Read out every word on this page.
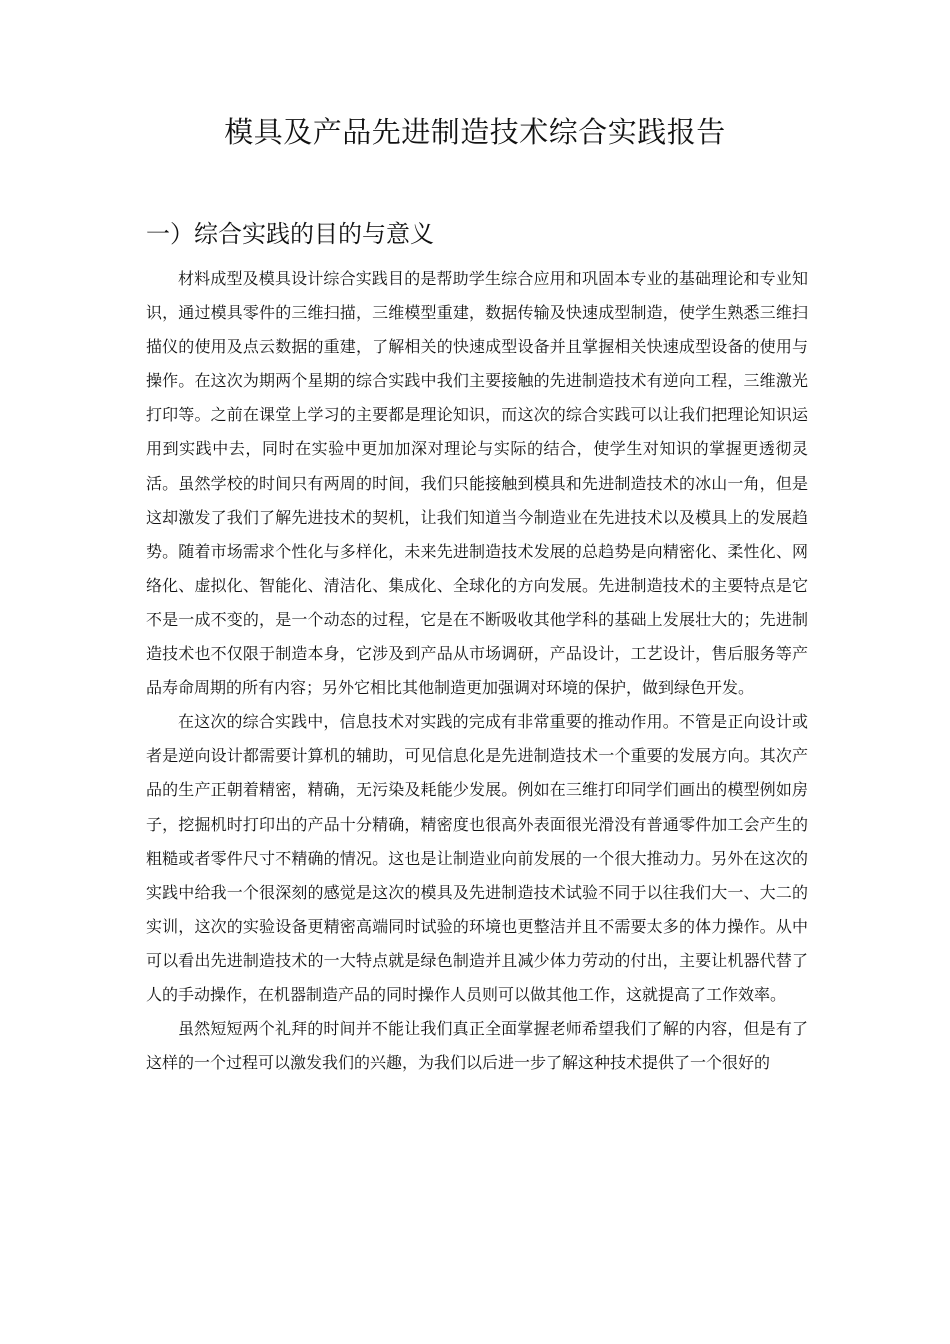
模具及产品先进制造技术综合实践报告
一）综合实践的目的与意义

材料成型及模具设计综合实践目的是帮助学生综合应用和巩固本专业的基础理论和专业知识，通过模具零件的三维扫描，三维模型重建，数据传输及快速成型制造，使学生熟悉三维扫描仪的使用及点云数据的重建，了解相关的快速成型设备并且掌握相关快速成型设备的使用与操作。在这次为期两个星期的综合实践中我们主要接触的先进制造技术有逆向工程，三维激光打印等。之前在课堂上学习的主要都是理论知识，而这次的综合实践可以让我们把理论知识运用到实践中去，同时在实验中更加加深对理论与实际的结合，使学生对知识的掌握更透彻灵活。虽然学校的时间只有两周的时间，我们只能接触到模具和先进制造技术的冰山一角，但是这却激发了我们了解先进技术的契机，让我们知道当今制造业在先进技术以及模具上的发展趋势。随着市场需求个性化与多样化，未来先进制造技术发展的总趋势是向精密化、柔性化、网络化、虚拟化、智能化、清洁化、集成化、全球化的方向发展。先进制造技术的主要特点是它不是一成不变的，是一个动态的过程，它是在不断吸收其他学科的基础上发展壮大的；先进制造技术也不仅限于制造本身，它涉及到产品从市场调研，产品设计，工艺设计，售后服务等产品寿命周期的所有内容；另外它相比其他制造更加强调对环境的保护，做到绿色开发。

在这次的综合实践中，信息技术对实践的完成有非常重要的推动作用。不管是正向设计或者是逆向设计都需要计算机的辅助，可见信息化是先进制造技术一个重要的发展方向。其次产品的生产正朝着精密，精确，无污染及耗能少发展。例如在三维打印同学们画出的模型例如房子，挖掘机时打印出的产品十分精确，精密度也很高外表面很光滑没有普通零件加工会产生的粗糙或者零件尺寸不精确的情况。这也是让制造业向前发展的一个很大推动力。另外在这次的实践中给我一个很深刻的感觉是这次的模具及先进制造技术试验不同于以往我们大一、大二的实训，这次的实验设备更精密高端同时试验的环境也更整洁并且不需要太多的体力操作。从中可以看出先进制造技术的一大特点就是绿色制造并且减少体力劳动的付出，主要让机器代替了人的手动操作，在机器制造产品的同时操作人员则可以做其他工作，这就提高了工作效率。

虽然短短两个礼拜的时间并不能让我们真正全面掌握老师希望我们了解的内容，但是有了这样的一个过程可以激发我们的兴趣，为我们以后进一步了解这种技术提供了一个很好的
